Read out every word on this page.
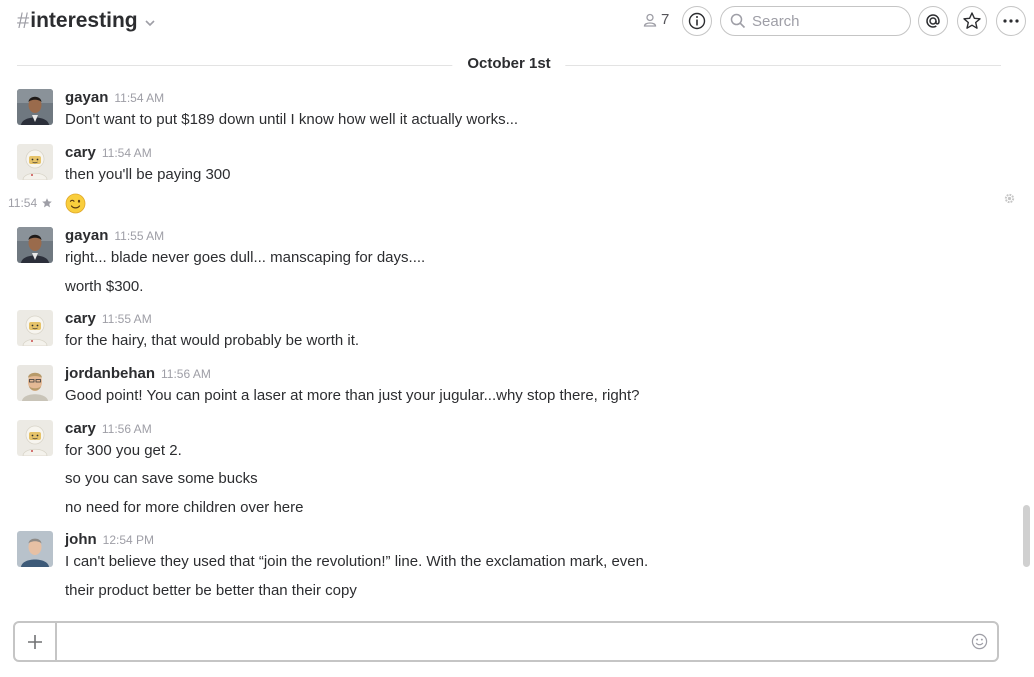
# interesting	7
Search
October 1st
gayan 11:54 AM
Don't want to put $189 down until I know how well it actually works...
cary 11:54 AM
then you'll be paying 300
11:54
gayan 11:55 AM
right... blade never goes dull... manscaping for days....
worth $300.
cary 11:55 AM
for the hairy, that would probably be worth it.
jordanbehan 11:56 AM
Good point! You can point a laser at more than just your jugular...why stop there, right?
cary 11:56 AM
for 300 you get 2.
so you can save some bucks
no need for more children over here
john 12:54 PM
I can't believe they used that “join the revolution!” line. With the exclamation mark, even.
their product better be better than their copy
